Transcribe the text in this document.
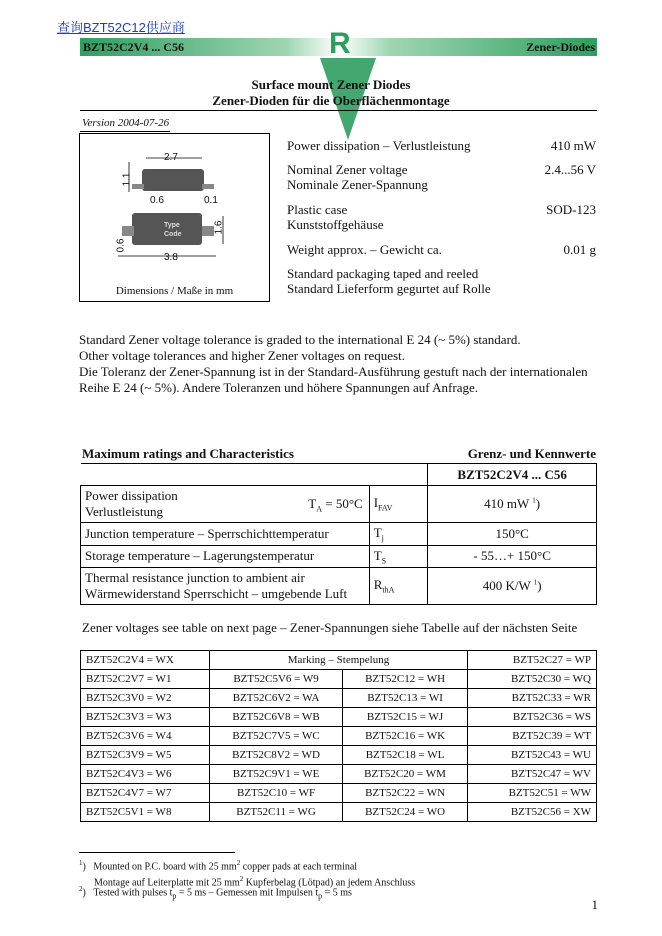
查询BZT52C12供应商
BZT52C2V4 ... C56	Zener-Diodes
R
Surface mount Zener Diodes
Zener-Dioden für die Oberflächenmontage
Version 2004-07-26
2.7
1.1
0.6	0.1
Type
Code
0.6
1.6
3.8
Dimensions / Maße in mm
Power dissipation – Verlustleistung	410 mW
Nominal Zener voltage
Nominale Zener-Spannung
2.4...56 V
Plastic case
Kunststoffgehäuse
SOD-123
Weight approx. – Gewicht ca.	0.01 g
Standard packaging taped and reeled
Standard Lieferform gegurtet auf Rolle
Standard Zener voltage tolerance is graded to the international E 24 (~ 5%) standard.
Other voltage tolerances and higher Zener voltages on request.
Die Toleranz der Zener-Spannung ist in der Standard-Ausführung gestuft nach der internationalen
Reihe E 24 (~ 5%). Andere Toleranzen und höhere Spannungen auf Anfrage.
Maximum ratings and Characteristics	Grenz- und Kennwerte
		BZT52C2V4 ... C56

Power dissipation
Verlustleistung
$T_A = 50^\circ C$	$I_{FAV}$	410 mW $^1$)
Junction temperature – Sperrschichttemperatur	$T_j$	150°C
Storage temperature – Lagerungstemperatur	$T_S$	- 55…+ 150°C

Thermal resistance junction to ambient air
Wärmewiderstand Sperrschicht – umgebende Luft	$R_{thA}$	400 K/W $^1$)
Zener voltages see table on next page – Zener-Spannungen siehe Tabelle auf der nächsten Seite
BZT52C2V4 = WX	Marking – Stempelung		BZT52C27 = WP
BZT52C2V7 = W1	BZT52C5V6 = W9	BZT52C12 = WH	BZT52C30 = WQ
BZT52C3V0 = W2	BZT52C6V2 = WA	BZT52C13 = WI	BZT52C33 = WR
BZT52C3V3 = W3	BZT52C6V8 = WB	BZT52C15 = WJ	BZT52C36 = WS
BZT52C3V6 = W4	BZT52C7V5 = WC	BZT52C16 = WK	BZT52C39 = WT
BZT52C3V9 = W5	BZT52C8V2 = WD	BZT52C18 = WL	BZT52C43 = WU
BZT52C4V3 = W6	BZT52C9V1 = WE	BZT52C20 = WM	BZT52C47 = WV
BZT52C4V7 = W7	BZT52C10 = WF	BZT52C22 = WN	BZT52C51 = WW
BZT52C5V1 = W8	BZT52C11 = WG	BZT52C24 = WO	BZT52C56 = XW
$^1$)   Mounted on P.C. board with 25 $mm^2$ copper pads at each terminal
Montage auf Leiterplatte mit 25 $mm^2$ Kupferbelag (Lötpad) an jedem Anschluss
$^2$)   Tested with pulses $t_p = 5$ ms – Gemessen mit Impulsen $t_p = 5$ ms
1
